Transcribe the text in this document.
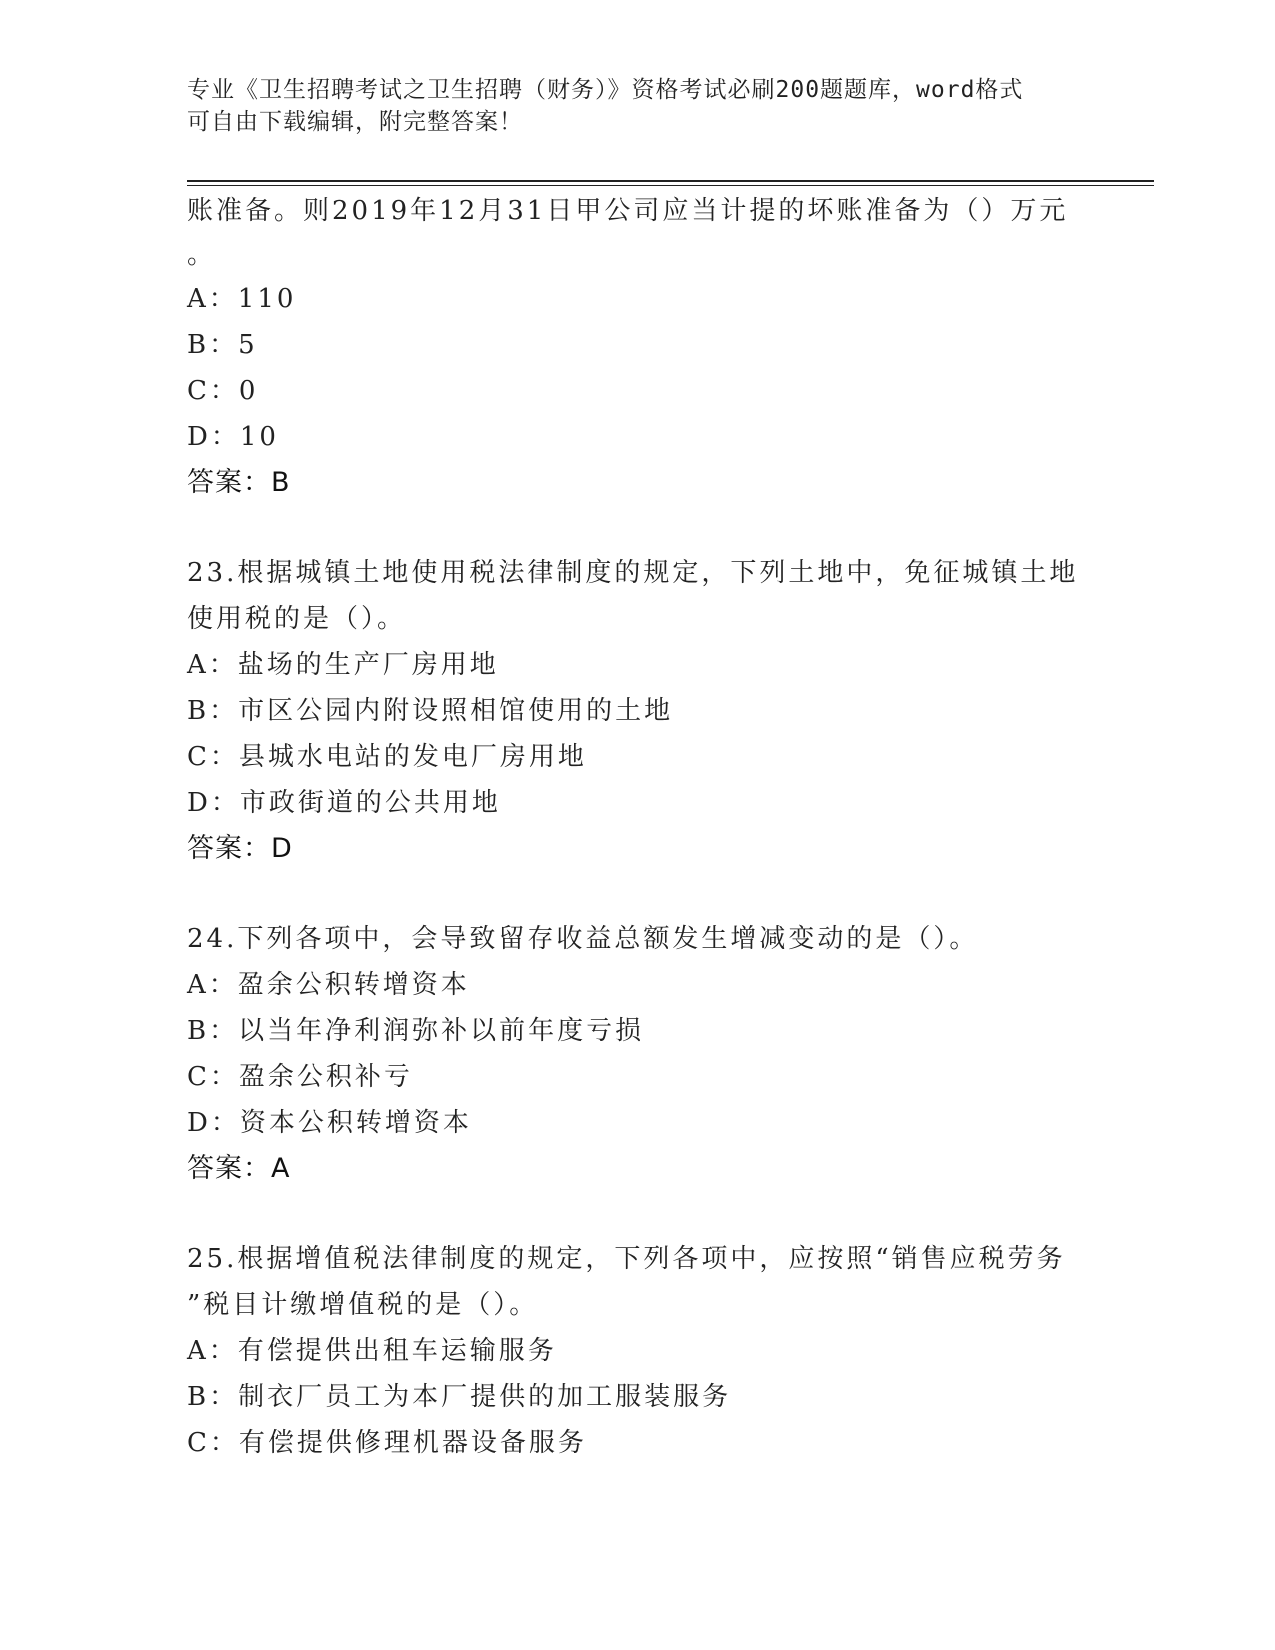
专业《卫生招聘考试之卫生招聘（财务）》资格考试必刷200题题库，word格式
可自由下载编辑，附完整答案！
账准备。则2019年12月31日甲公司应当计提的坏账准备为（）万元
。
A：110
B：5
C：0
D：10
答案：B
23.根据城镇土地使用税法律制度的规定，下列土地中，免征城镇土地
使用税的是（）。
A：盐场的生产厂房用地
B：市区公园内附设照相馆使用的土地
C：县城水电站的发电厂房用地
D：市政街道的公共用地
答案：D
24.下列各项中，会导致留存收益总额发生增减变动的是（）。
A：盈余公积转增资本
B：以当年净利润弥补以前年度亏损
C：盈余公积补亏
D：资本公积转增资本
答案：A
25.根据增值税法律制度的规定，下列各项中，应按照“销售应税劳务
”税目计缴增值税的是（）。
A：有偿提供出租车运输服务
B：制衣厂员工为本厂提供的加工服装服务
C：有偿提供修理机器设备服务
